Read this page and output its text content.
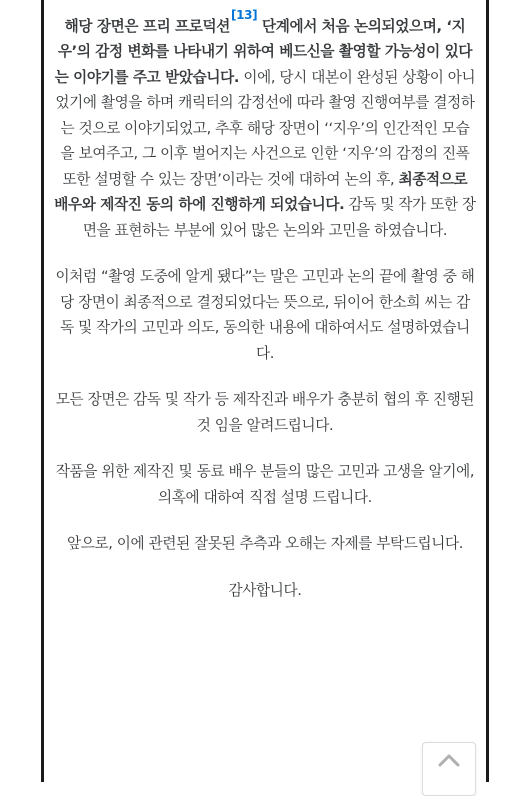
해당 장면은 프리 프로덕션[13] 단계에서 처음 논의되었으며, ‘지우’의 감정 변화를 나타내기 위하여 베드신을 촬영할 가능성이 있다는 이야기를 주고 받았습니다. 이에, 당시 대본이 완성된 상황이 아니었기에 촬영을 하며 캐릭터의 감정선에 따라 촬영 진행여부를 결정하는 것으로 이야기되었고, 추후 해당 장면이 ‘‘지우’의 인간적인 모습을 보여주고, 그 이후 벌어지는 사건으로 인한 ‘지우’의 감정의 진폭 또한 설명할 수 있는 장면’이라는 것에 대하여 논의 후, 최종적으로 배우와 제작진 동의 하에 진행하게 되었습니다. 감독 및 작가 또한 장면을 표현하는 부분에 있어 많은 논의와 고민을 하였습니다.

이처럼 “촬영 도중에 알게 됐다”는 말은 고민과 논의 끝에 촬영 중 해당 장면이 최종적으로 결정되었다는 뜻으로, 뒤이어 한소희 씨는 감독 및 작가의 고민과 의도, 동의한 내용에 대하여서도 설명하였습니다.

모든 장면은 감독 및 작가 등 제작진과 배우가 충분히 협의 후 진행된 것 임을 알려드립니다.

작품을 위한 제작진 및 동료 배우 분들의 많은 고민과 고생을 알기에, 의혹에 대하여 직접 설명 드립니다.

앞으로, 이에 관련된 잘못된 추측과 오해는 자제를 부탁드립니다.

감사합니다.
